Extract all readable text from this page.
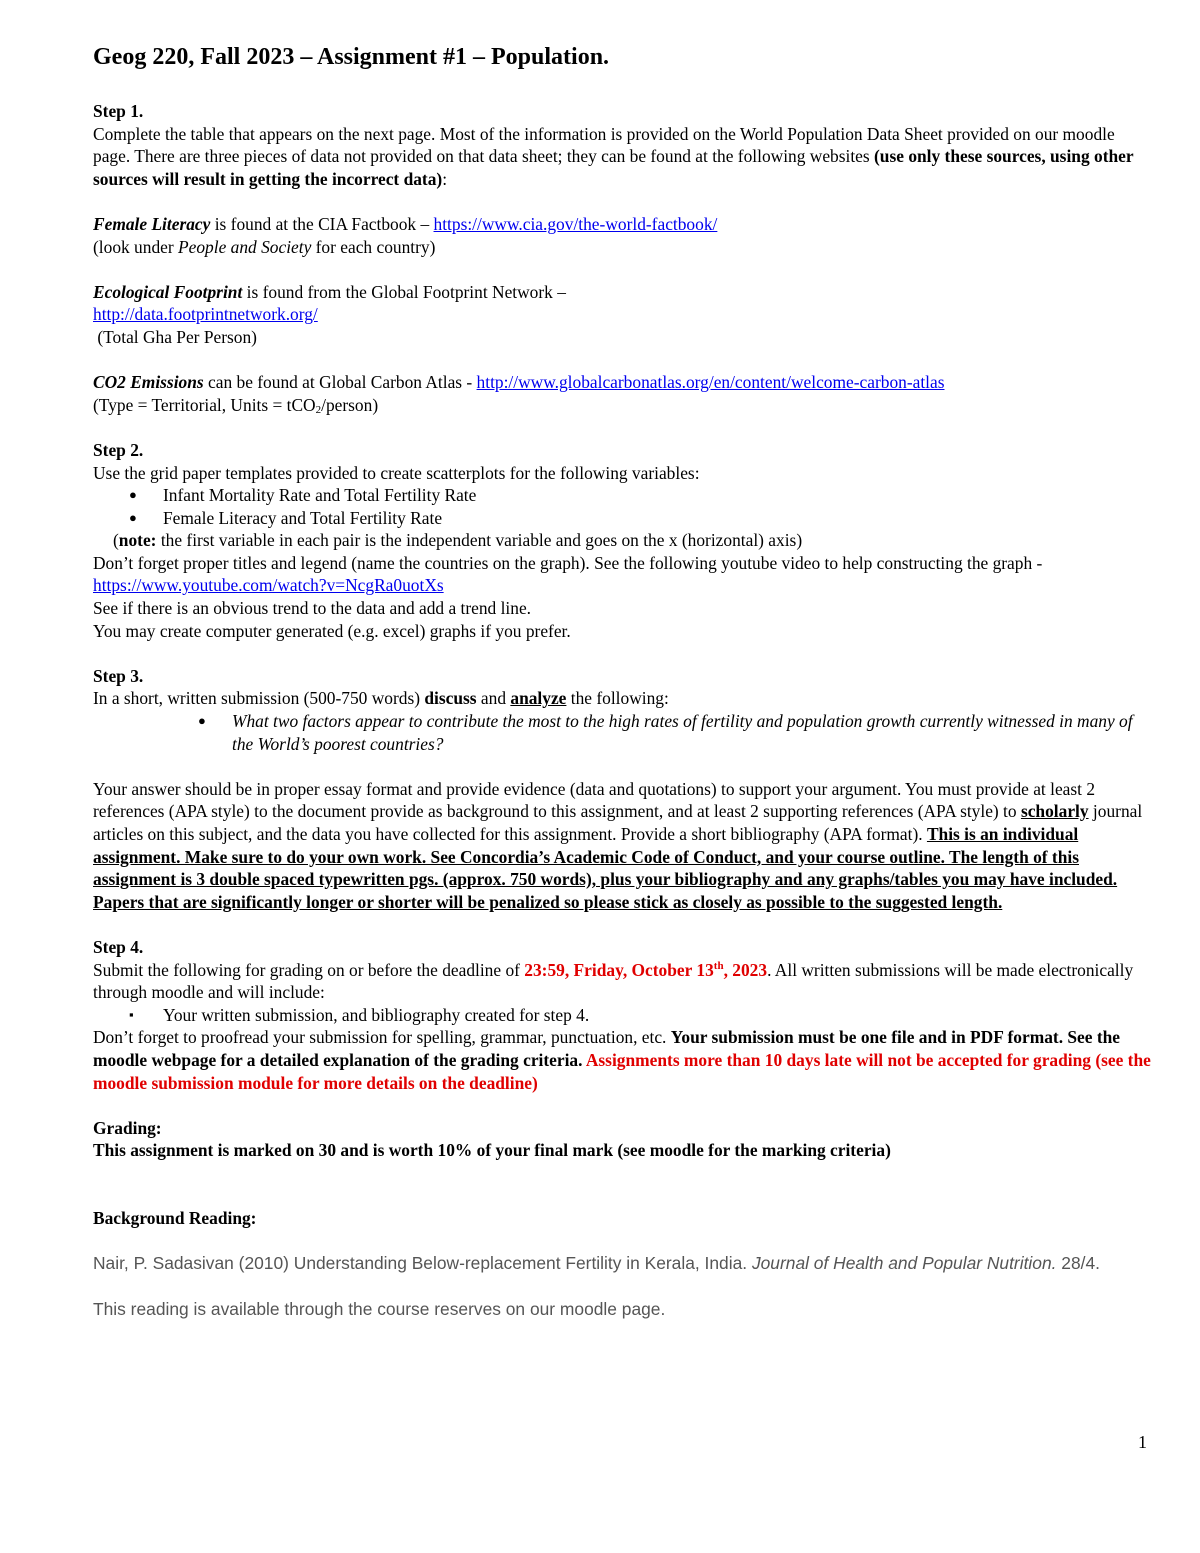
Geog 220, Fall 2023 – Assignment #1 – Population.

Step 1.

Complete the table that appears on the next page. Most of the information is provided on the World Population Data Sheet provided on our moodle page. There are three pieces of data not provided on that data sheet; they can be found at the following websites (use only these sources, using other sources will result in getting the incorrect data):

Female Literacy is found at the CIA Factbook – https://www.cia.gov/the-world-factbook/

(look under People and Society for each country)

Ecological Footprint is found from the Global Footprint Network –

http://data.footprintnetwork.org/

(Total Gha Per Person)

CO2 Emissions can be found at Global Carbon Atlas - http://www.globalcarbonatlas.org/en/content/welcome-carbon-atlas

(Type = Territorial, Units = tCO$_2$/person)

Step 2.

Use the grid paper templates provided to create scatterplots for the following variables:

● Infant Mortality Rate and Total Fertility Rate
● Female Literacy and Total Fertility Rate

(note: the first variable in each pair is the independent variable and goes on the x (horizontal) axis)

Don’t forget proper titles and legend (name the countries on the graph). See the following youtube video to help constructing the graph - https://www.youtube.com/watch?v=NcgRa0uotXs

See if there is an obvious trend to the data and add a trend line.

You may create computer generated (e.g. excel) graphs if you prefer.

Step 3.

In a short, written submission (500-750 words) discuss and analyze the following:

● What two factors appear to contribute the most to the high rates of fertility and population growth currently witnessed in many of the World’s poorest countries?

Your answer should be in proper essay format and provide evidence (data and quotations) to support your argument. You must provide at least 2 references (APA style) to the document provide as background to this assignment, and at least 2 supporting references (APA style) to scholarly journal articles on this subject, and the data you have collected for this assignment. Provide a short bibliography (APA format). This is an individual assignment. Make sure to do your own work. See Concordia’s Academic Code of Conduct, and your course outline. The length of this assignment is 3 double spaced typewritten pgs. (approx. 750 words), plus your bibliography and any graphs/tables you may have included. Papers that are significantly longer or shorter will be penalized so please stick as closely as possible to the suggested length.

Step 4.

Submit the following for grading on or before the deadline of 23:59, Friday, October 13th, 2023. All written submissions will be made electronically through moodle and will include:

▪ Your written submission, and bibliography created for step 4.

Don’t forget to proofread your submission for spelling, grammar, punctuation, etc. Your submission must be one file and in PDF format. See the moodle webpage for a detailed explanation of the grading criteria. Assignments more than 10 days late will not be accepted for grading (see the moodle submission module for more details on the deadline)

Grading:

This assignment is marked on 30 and is worth 10% of your final mark (see moodle for the marking criteria)

Background Reading:

Nair, P. Sadasivan (2010) Understanding Below-replacement Fertility in Kerala, India. Journal of Health and Popular Nutrition. 28/4.

This reading is available through the course reserves on our moodle page.

1
